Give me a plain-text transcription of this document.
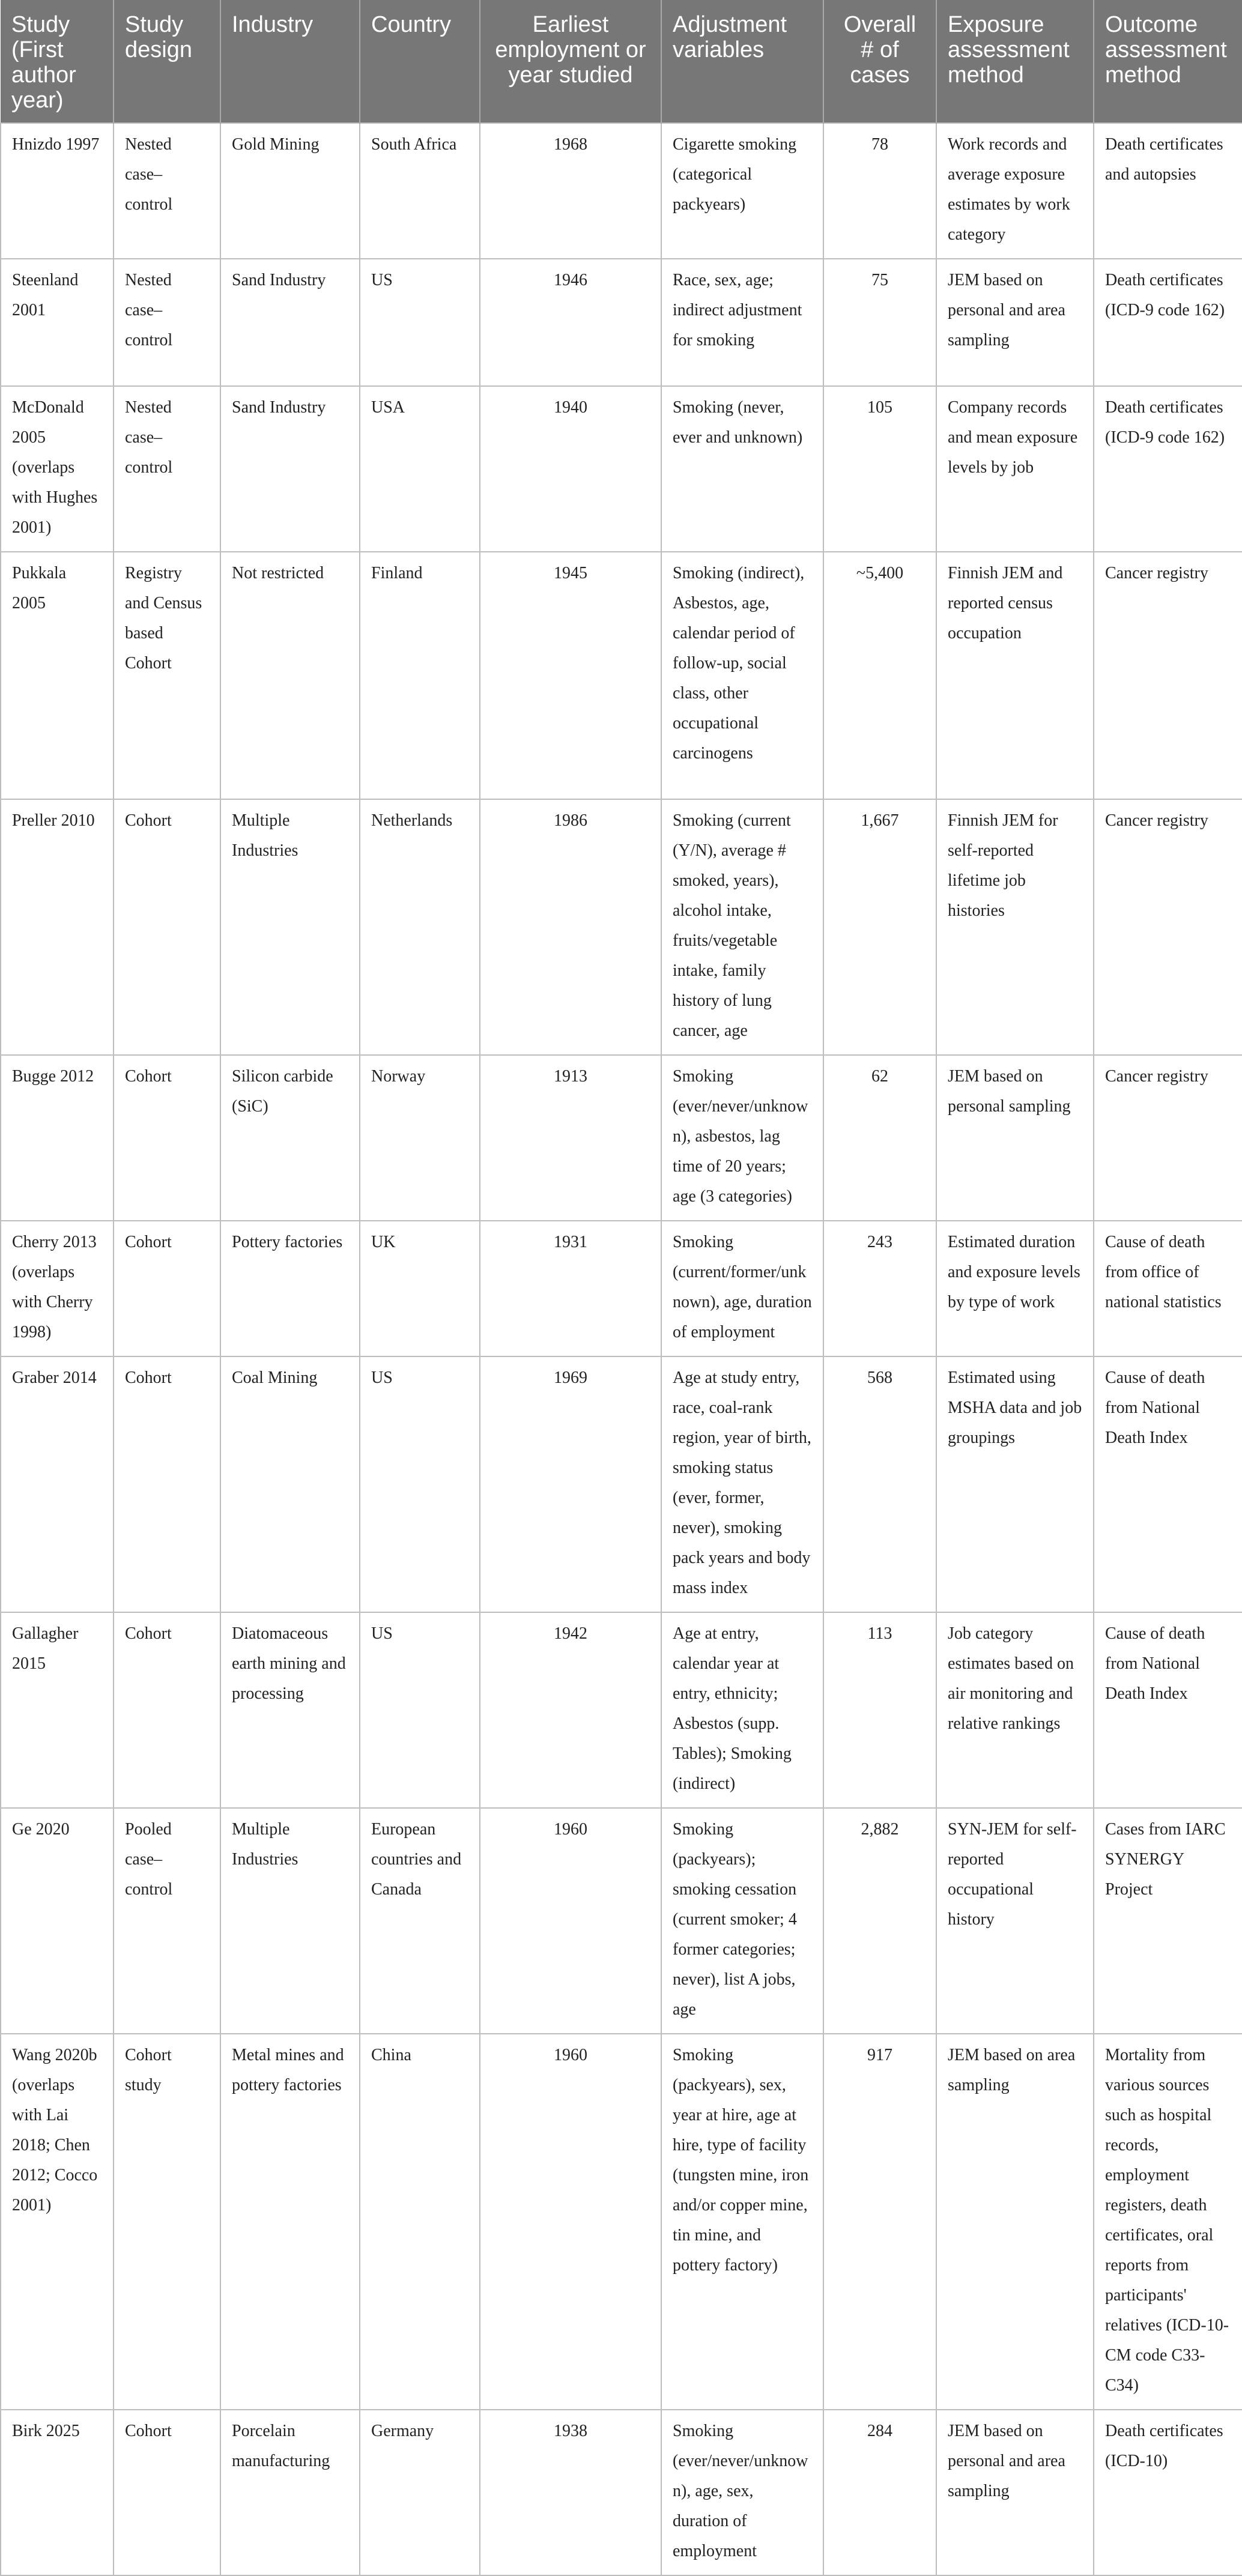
Study (First author year)	Study design	Industry	Country	Earliest employment or year studied	Adjustment variables	Overall # of cases	Exposure assessment method	Outcome assessment method
Hnizdo 1997	Nested case–control	Gold Mining	South Africa	1968	Cigarette smoking (categorical packyears)	78	Work records and average exposure estimates by work category	Death certificates and autopsies
Steenland 2001	Nested case–control	Sand Industry	US	1946	Race, sex, age; indirect adjustment for smoking	75	JEM based on personal and area sampling	Death certificates (ICD-9 code 162)
McDonald 2005 (overlaps with Hughes 2001)	Nested case–control	Sand Industry	USA	1940	Smoking (never, ever and unknown)	105	Company records and mean exposure levels by job	Death certificates (ICD-9 code 162)
Pukkala 2005	Registry and Census based Cohort	Not restricted	Finland	1945	Smoking (indirect), Asbestos, age, calendar period of follow-up, social class, other occupational carcinogens	~5,400	Finnish JEM and reported census occupation	Cancer registry
Preller 2010	Cohort	Multiple Industries	Netherlands	1986	Smoking (current (Y/N), average # smoked, years), alcohol intake, fruits/vegetable intake, family history of lung cancer, age	1,667	Finnish JEM for self-reported lifetime job histories	Cancer registry
Bugge 2012	Cohort	Silicon carbide (SiC)	Norway	1913	Smoking (ever/never/unknown), asbestos, lag time of 20 years; age (3 categories)	62	JEM based on personal sampling	Cancer registry
Cherry 2013 (overlaps with Cherry 1998)	Cohort	Pottery factories	UK	1931	Smoking (current/former/unknown), age, duration of employment	243	Estimated duration and exposure levels by type of work	Cause of death from office of national statistics
Graber 2014	Cohort	Coal Mining	US	1969	Age at study entry, race, coal-rank region, year of birth, smoking status (ever, former, never), smoking pack years and body mass index	568	Estimated using MSHA data and job groupings	Cause of death from National Death Index
Gallagher 2015	Cohort	Diatomaceous earth mining and processing	US	1942	Age at entry, calendar year at entry, ethnicity; Asbestos (supp. Tables); Smoking (indirect)	113	Job category estimates based on air monitoring and relative rankings	Cause of death from National Death Index
Ge 2020	Pooled case–control	Multiple Industries	European countries and Canada	1960	Smoking (packyears); smoking cessation (current smoker; 4 former categories; never), list A jobs, age	2,882	SYN-JEM for self-reported occupational history	Cases from IARC SYNERGY Project
Wang 2020b (overlaps with Lai 2018; Chen 2012; Cocco 2001)	Cohort study	Metal mines and pottery factories	China	1960	Smoking (packyears), sex, year at hire, age at hire, type of facility (tungsten mine, iron and/or copper mine, tin mine, and pottery factory)	917	JEM based on area sampling	Mortality from various sources such as hospital records, employment registers, death certificates, oral reports from participants' relatives (ICD-10-CM code C33-C34)
Birk 2025	Cohort	Porcelain manufacturing	Germany	1938	Smoking (ever/never/unknown), age, sex, duration of employment	284	JEM based on personal and area sampling	Death certificates (ICD-10)
